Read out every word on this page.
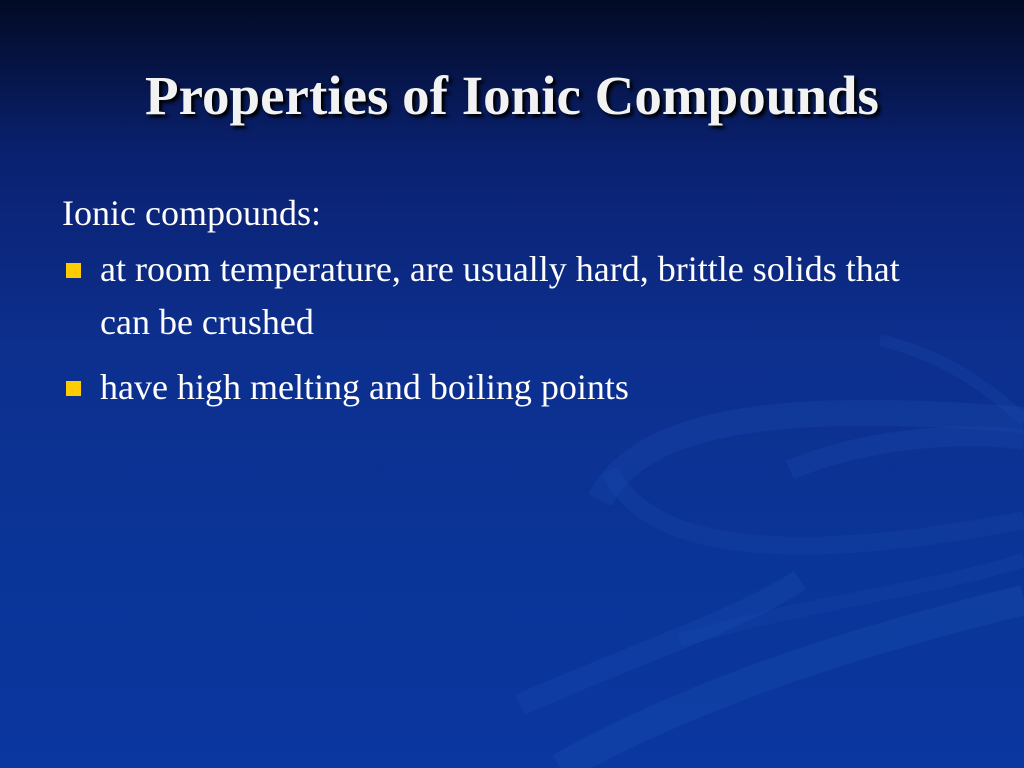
Properties of Ionic Compounds

Ionic compounds:

at room temperature, are usually hard, brittle solids that can be crushed
have high melting and boiling points
